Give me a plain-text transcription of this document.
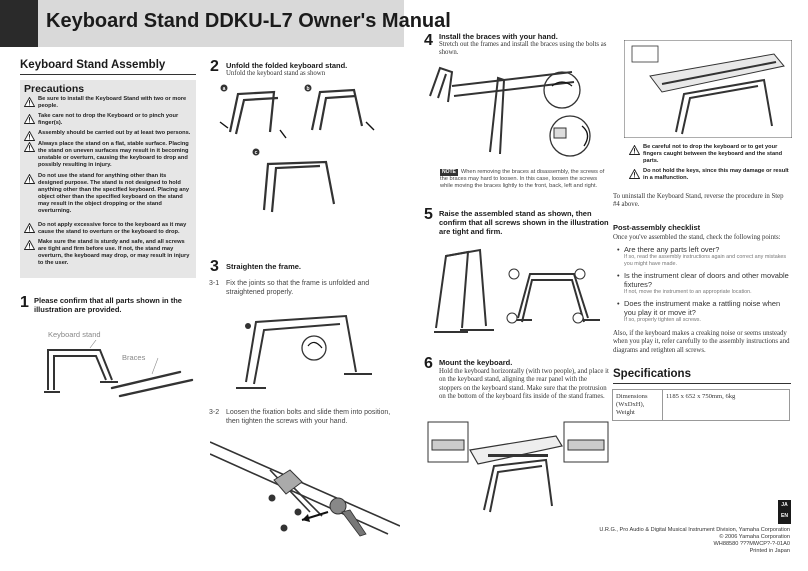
Keyboard Stand DDKU-L7 Owner's Manual
Keyboard Stand Assembly
Precautions
Be sure to install the Keyboard Stand with two or more people.
Take care not to drop the Keyboard or to pinch your finger(s).
Assembly should be carried out by at least two persons.
Always place the stand on a flat, stable surface. Placing the stand on uneven surfaces may result in it becoming unstable or overturn, causing the keyboard to drop and possibly resulting in injury.
Do not use the stand for anything other than its designed purpose. The stand is not designed to hold anything other than the specified keyboard. Placing any object other than the specified keyboard on the stand may result in the object dropping or the stand overturning.
Do not apply excessive force to the keyboard as it may cause the stand to overturn or the keyboard to drop.
Make sure the stand is sturdy and safe, and all screws are tight and firm before use. If not, the stand may overturn, the keyboard may drop, or may result in injury to the user.
1 Please confirm that all parts shown in the illustration are provided.
Keyboard stand
Braces
2 Unfold the folded keyboard stand.
Unfold the keyboard stand as shown
a	b
c
3 Straighten the frame.
3-1 Fix the joints so that the frame is unfolded and straightened properly.
3-2 Loosen the fixation bolts and slide them into position, then tighten the screws with your hand.
4 Install the braces with your hand.
Stretch out the frames and install the braces using the bolts as shown.
NOTE When removing the braces at disassembly, the screws of the braces may hard to loosen. In this case, loosen the screws while moving the braces lightly to the front, back, left and right.
5 Raise the assembled stand as shown, then confirm that all screws shown in the illustration are tight and firm.
6 Mount the keyboard.
Hold the keyboard horizontally (with two people), and place it on the keyboard stand, aligning the rear panel with the stoppers on the keyboard stand. Make sure that the protrusion on the bottom of the keyboard fits inside of the stand frames.
Be careful not to drop the keyboard or to get your fingers caught between the keyboard and the stand parts.
Do not hold the keys, since this may damage or result in a malfunction.
To uninstall the Keyboard Stand, reverse the procedure in Step #4 above.
Post-assembly checklist
Once you've assembled the stand, check the following points:
• Are there any parts left over?
If so, read the assembly instructions again and correct any mistakes you might have made.
• Is the instrument clear of doors and other movable fixtures?
If not, move the instrument to an appropriate location.
• Does the instrument make a rattling noise when you play it or move it?
If so, properly tighten all screws.
Also, if the keyboard makes a creaking noise or seems unsteady when you play it, refer carefully to the assembly instructions and diagrams and retighten all screws.
Specifications
Dimensions (WxDxH), Weight	1185 x 652 x 750mm, 6kg
JA
EN
U.R.G., Pro Audio & Digital Musical Instrument Division, Yamaha Corporation
© 2006 Yamaha Corporation
WH88580 ???MWCP?-?-01A0
Printed in Japan
